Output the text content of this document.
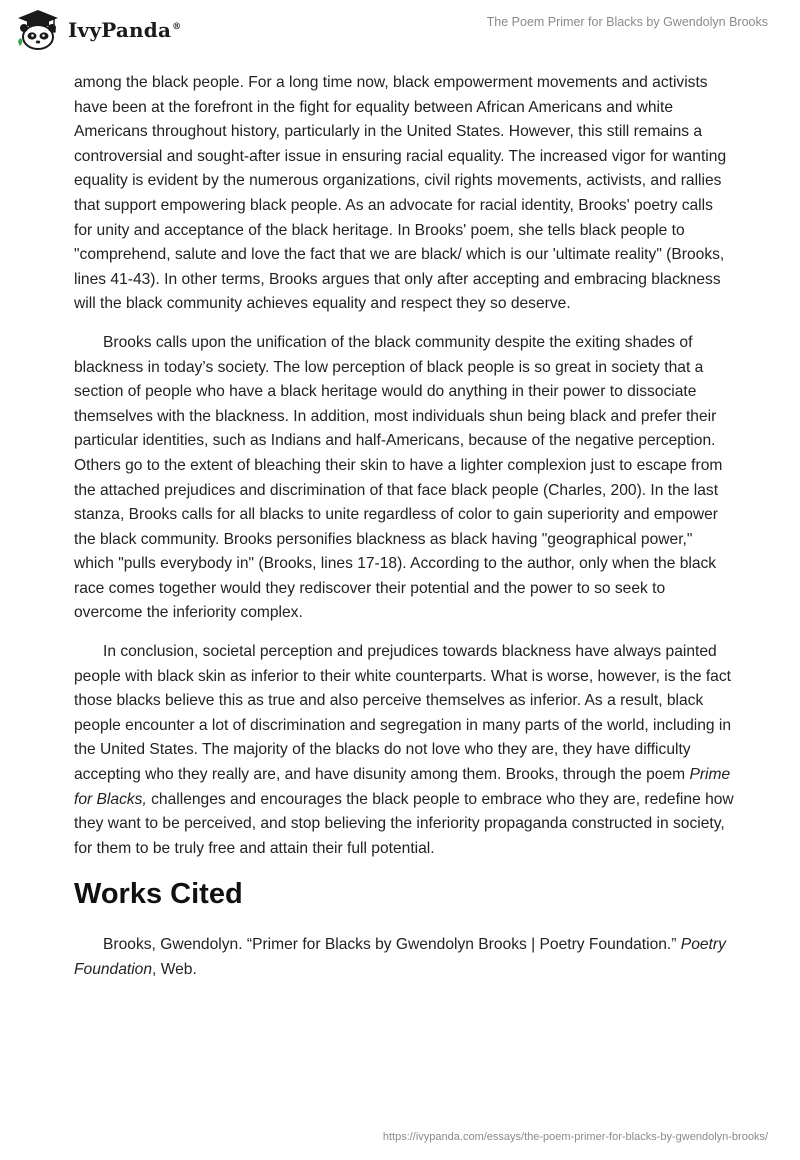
IvyPanda®	The Poem Primer for Blacks by Gwendolyn Brooks

among the black people. For a long time now, black empowerment movements and activists have been at the forefront in the fight for equality between African Americans and white Americans throughout history, particularly in the United States. However, this still remains a controversial and sought-after issue in ensuring racial equality. The increased vigor for wanting equality is evident by the numerous organizations, civil rights movements, activists, and rallies that support empowering black people. As an advocate for racial identity, Brooks' poetry calls for unity and acceptance of the black heritage. In Brooks' poem, she tells black people to "comprehend, salute and love the fact that we are black/ which is our 'ultimate reality" (Brooks, lines 41-43). In other terms, Brooks argues that only after accepting and embracing blackness will the black community achieves equality and respect they so deserve.

Brooks calls upon the unification of the black community despite the exiting shades of blackness in today’s society. The low perception of black people is so great in society that a section of people who have a black heritage would do anything in their power to dissociate themselves with the blackness. In addition, most individuals shun being black and prefer their particular identities, such as Indians and half-Americans, because of the negative perception. Others go to the extent of bleaching their skin to have a lighter complexion just to escape from the attached prejudices and discrimination of that face black people (Charles, 200). In the last stanza, Brooks calls for all blacks to unite regardless of color to gain superiority and empower the black community. Brooks personifies blackness as black having "geographical power," which "pulls everybody in" (Brooks, lines 17-18). According to the author, only when the black race comes together would they rediscover their potential and the power to so seek to overcome the inferiority complex.

In conclusion, societal perception and prejudices towards blackness have always painted people with black skin as inferior to their white counterparts. What is worse, however, is the fact those blacks believe this as true and also perceive themselves as inferior. As a result, black people encounter a lot of discrimination and segregation in many parts of the world, including in the United States. The majority of the blacks do not love who they are, they have difficulty accepting who they really are, and have disunity among them. Brooks, through the poem Prime for Blacks, challenges and encourages the black people to embrace who they are, redefine how they want to be perceived, and stop believing the inferiority propaganda constructed in society, for them to be truly free and attain their full potential.

Works Cited

Brooks, Gwendolyn. “Primer for Blacks by Gwendolyn Brooks | Poetry Foundation.” Poetry Foundation, Web.

https://ivypanda.com/essays/the-poem-primer-for-blacks-by-gwendolyn-brooks/
